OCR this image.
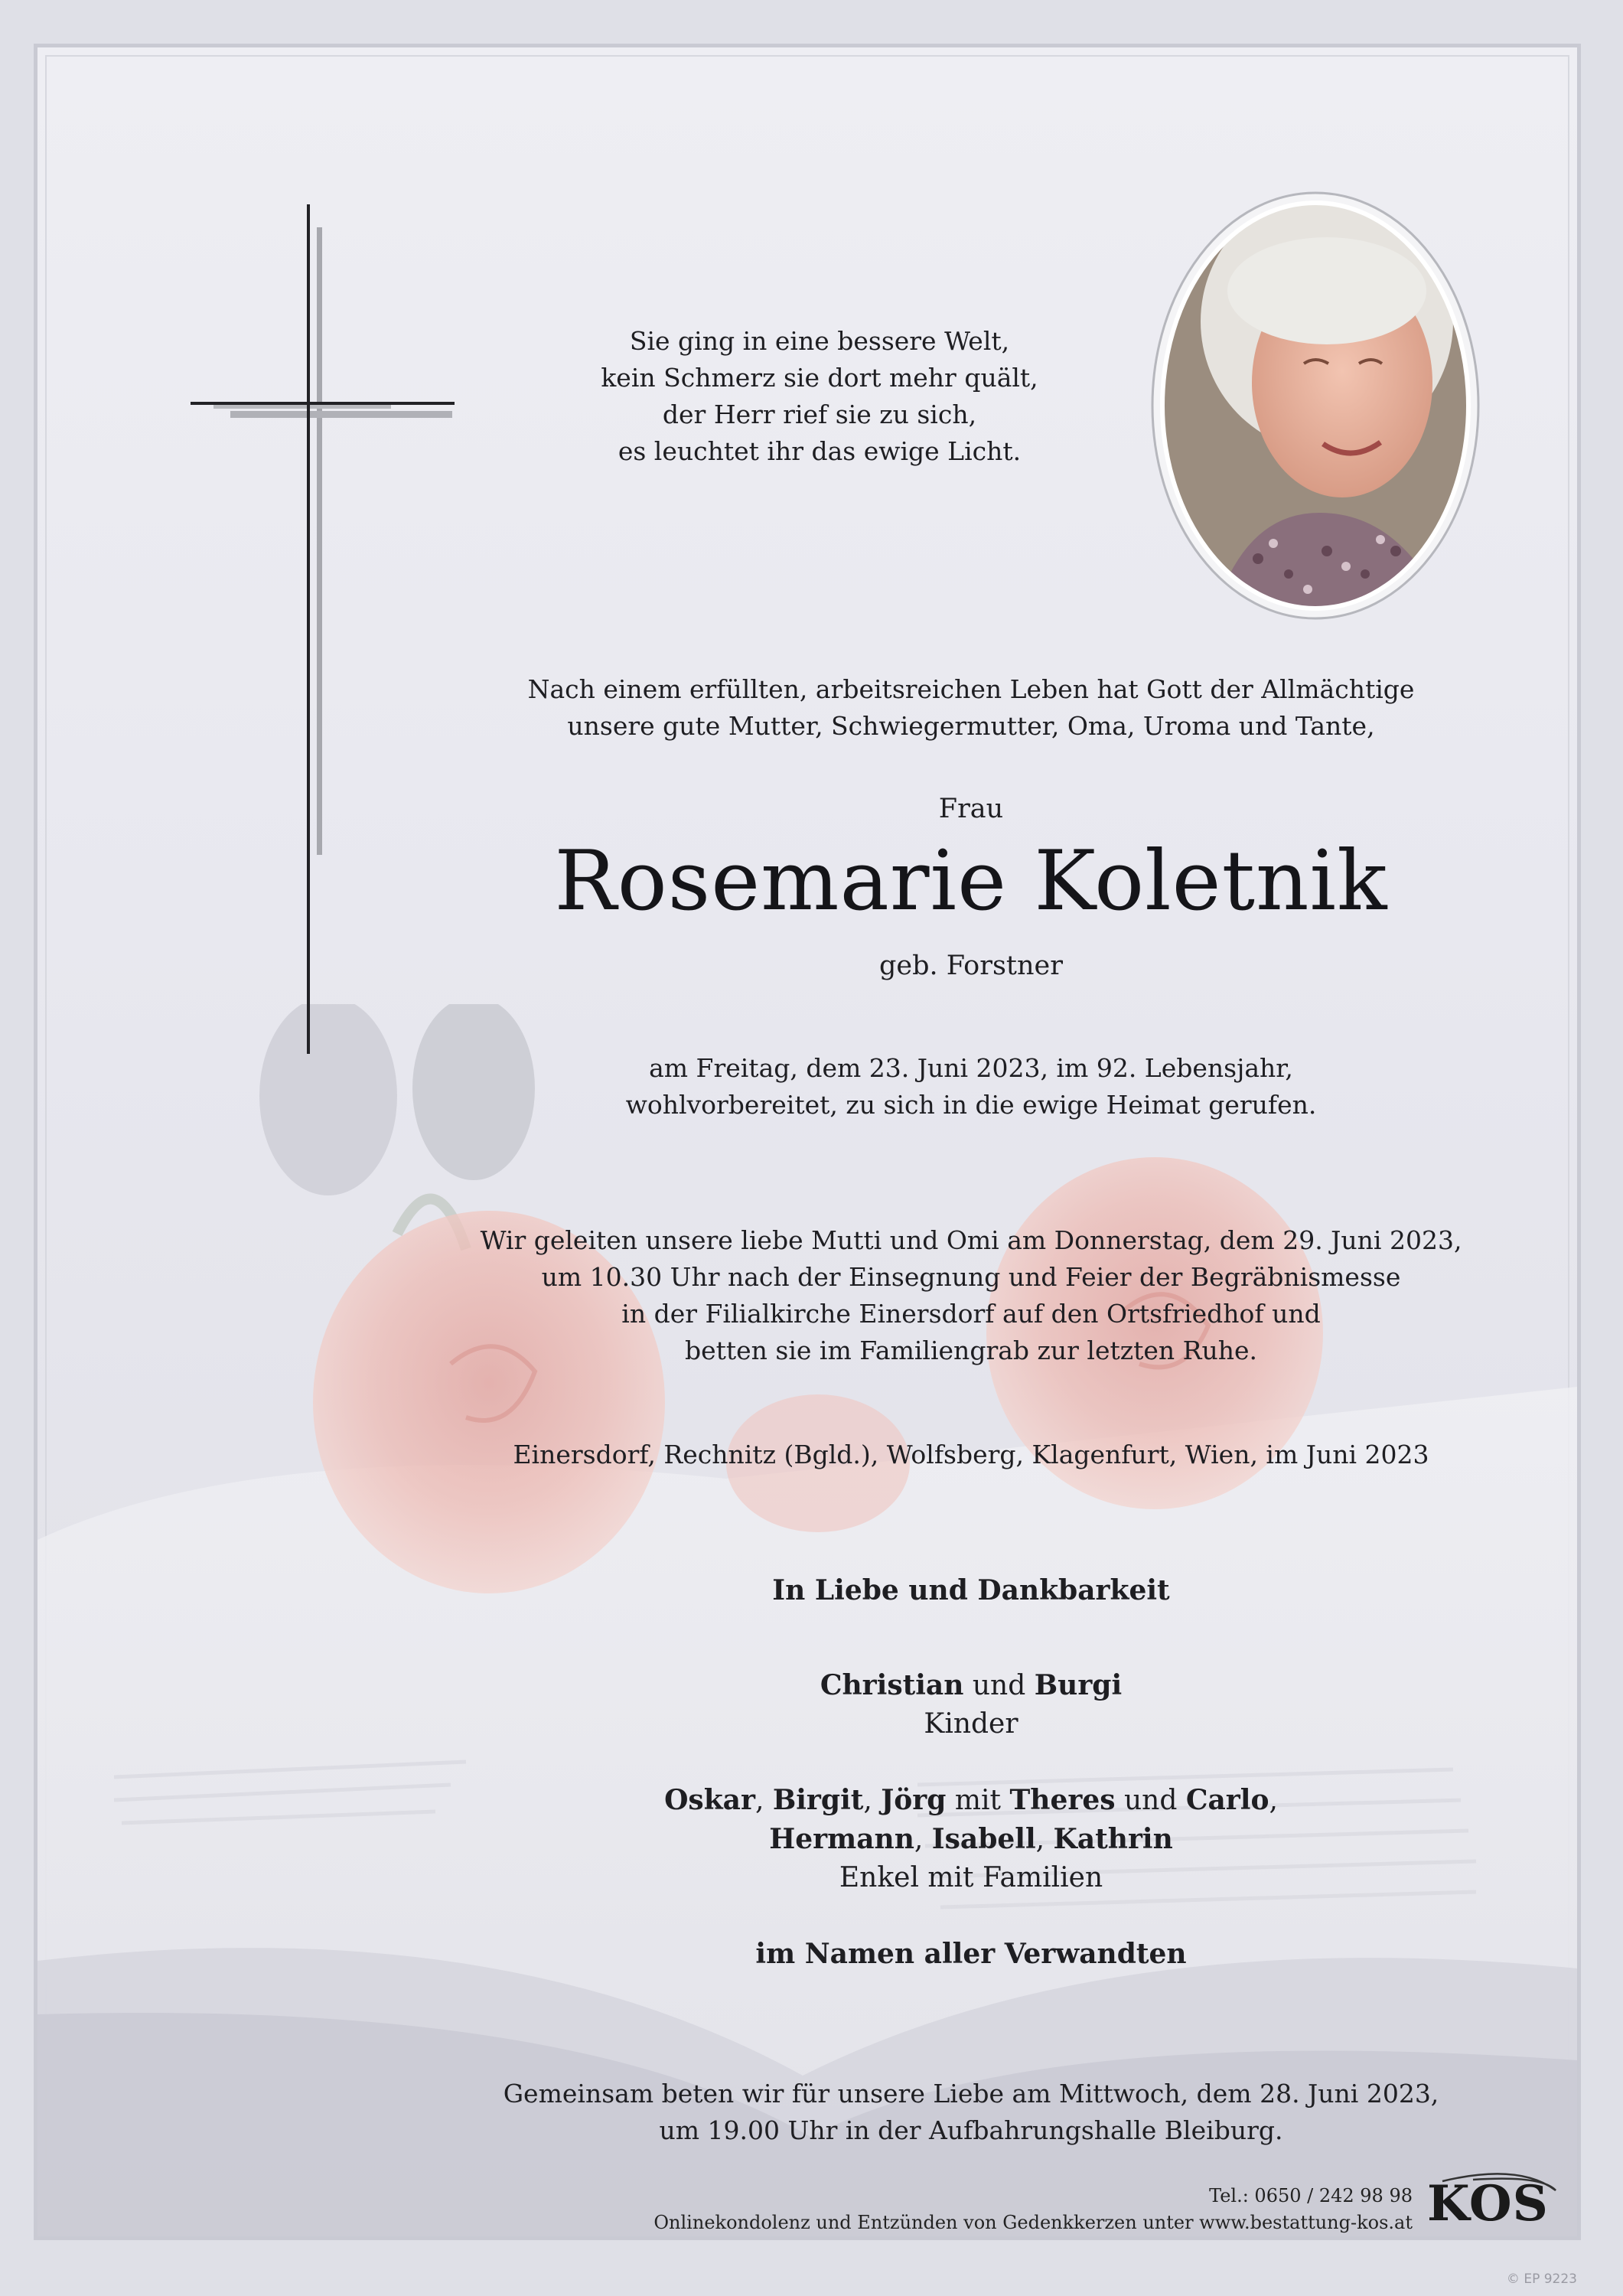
Sie ging in eine bessere Welt,
kein Schmerz sie dort mehr quält,
der Herr rief sie zu sich,
es leuchtet ihr das ewige Licht.
Nach einem erfüllten, arbeitsreichen Leben hat Gott der Allmächtige
unsere gute Mutter, Schwiegermutter, Oma, Uroma und Tante,
Frau
Rosemarie Koletnik
geb. Forstner
am Freitag, dem 23. Juni 2023, im 92. Lebensjahr,
wohlvorbereitet, zu sich in die ewige Heimat gerufen.
Wir geleiten unsere liebe Mutti und Omi am Donnerstag, dem 29. Juni 2023,
um 10.30 Uhr nach der Einsegnung und Feier der Begräbnismesse
in der Filialkirche Einersdorf auf den Ortsfriedhof und
betten sie im Familiengrab zur letzten Ruhe.
Einersdorf, Rechnitz (Bgld.), Wolfsberg, Klagenfurt, Wien, im Juni 2023
In Liebe und Dankbarkeit
Christian und Burgi
Kinder
Oskar, Birgit, Jörg mit Theres und Carlo,
Hermann, Isabell, Kathrin
Enkel mit Familien
im Namen aller Verwandten
Gemeinsam beten wir für unsere Liebe am Mittwoch, dem 28. Juni 2023,
um 19.00 Uhr in der Aufbahrungshalle Bleiburg.
Tel.: 0650 / 242 98 98
Onlinekondolenz und Entzünden von Gedenkkerzen unter www.bestattung-kos.at KOS
© EP 9223
